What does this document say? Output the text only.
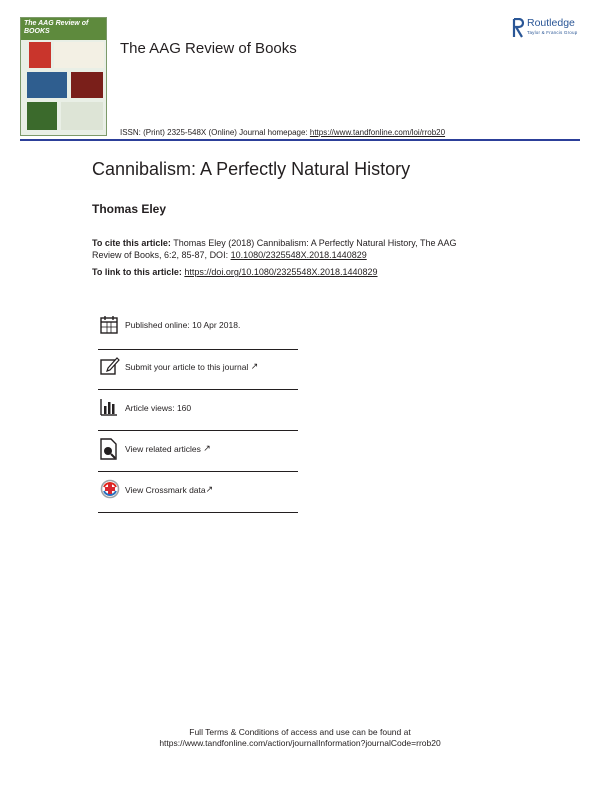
The AAG Review of BOOKS
The AAG Review of Books
Routledge
Taylor & Francis Group
ISSN: (Print) 2325-548X (Online) Journal homepage: https://www.tandfonline.com/loi/rrob20
Cannibalism: A Perfectly Natural History
Thomas Eley
To cite this article: Thomas Eley (2018) Cannibalism: A Perfectly Natural History, The AAG Review of Books, 6:2, 85-87, DOI: 10.1080/2325548X.2018.1440829
To link to this article: https://doi.org/10.1080/2325548X.2018.1440829
Published online: 10 Apr 2018.
Submit your article to this journal ↗
Article views: 160
View related articles ↗
View Crossmark data↗
Full Terms & Conditions of access and use can be found at
https://www.tandfonline.com/action/journalInformation?journalCode=rrob20
